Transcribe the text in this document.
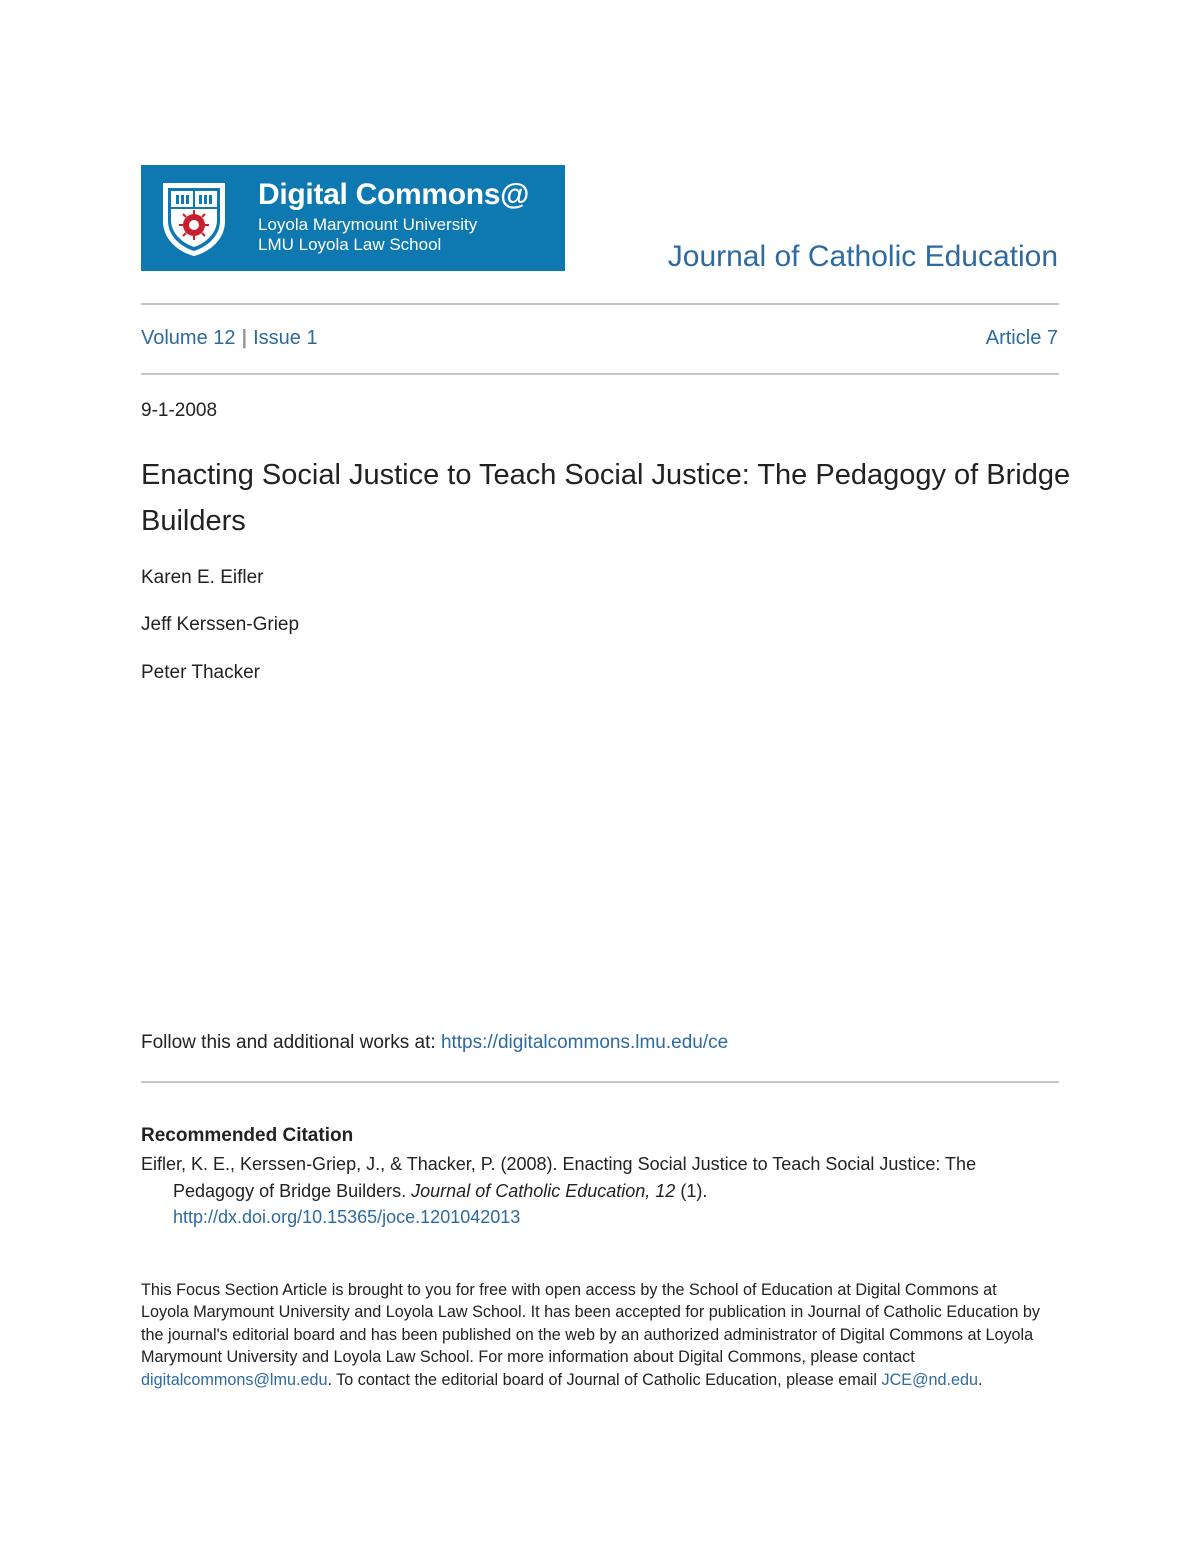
Digital Commons@
Loyola Marymount University
LMU Loyola Law School	Journal of Catholic Education
Volume 12 | Issue 1	Article 7
9-1-2008
Enacting Social Justice to Teach Social Justice: The Pedagogy of Bridge Builders
Karen E. Eifler
Jeff Kerssen-Griep
Peter Thacker
Follow this and additional works at: https://digitalcommons.lmu.edu/ce
Recommended Citation
Eifler, K. E., Kerssen-Griep, J., & Thacker, P. (2008). Enacting Social Justice to Teach Social Justice: The Pedagogy of Bridge Builders. Journal of Catholic Education, 12 (1). http://dx.doi.org/10.15365/joce.1201042013
This Focus Section Article is brought to you for free with open access by the School of Education at Digital Commons at Loyola Marymount University and Loyola Law School. It has been accepted for publication in Journal of Catholic Education by the journal's editorial board and has been published on the web by an authorized administrator of Digital Commons at Loyola Marymount University and Loyola Law School. For more information about Digital Commons, please contact digitalcommons@lmu.edu. To contact the editorial board of Journal of Catholic Education, please email JCE@nd.edu.
